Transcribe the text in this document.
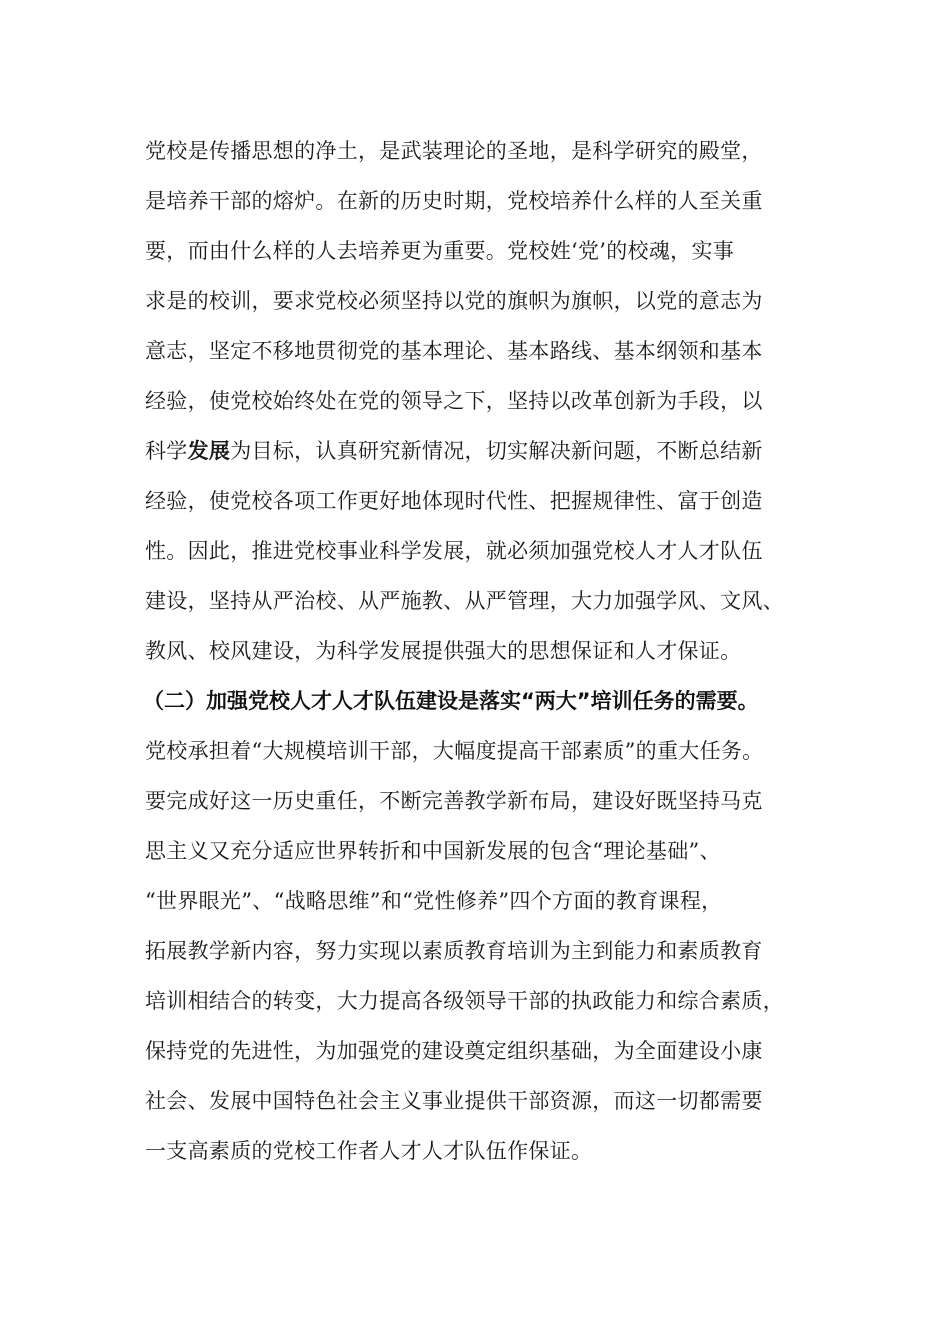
党校是传播思想的净土，是武装理论的圣地，是科学研究的殿堂，
是培养干部的熔炉。在新的历史时期，党校培养什么样的人至关重
要，而由什么样的人去培养更为重要。党校姓‘党’的校魂，实事
求是的校训，要求党校必须坚持以党的旗帜为旗帜，以党的意志为
意志，坚定不移地贯彻党的基本理论、基本路线、基本纲领和基本
经验，使党校始终处在党的领导之下，坚持以改革创新为手段，以
科学发展为目标，认真研究新情况，切实解决新问题，不断总结新
经验，使党校各项工作更好地体现时代性、把握规律性、富于创造
性。因此，推进党校事业科学发展，就必须加强党校人才人才队伍
建设，坚持从严治校、从严施教、从严管理，大力加强学风、文风、
教风、校风建设，为科学发展提供强大的思想保证和人才保证。
（二）加强党校人才人才队伍建设是落实“两大”培训任务的需要。
党校承担着“大规模培训干部，大幅度提高干部素质”的重大任务。
要完成好这一历史重任，不断完善教学新布局，建设好既坚持马克
思主义又充分适应世界转折和中国新发展的包含“理论基础”、
“世界眼光”、“战略思维”和“党性修养”四个方面的教育课程，
拓展教学新内容，努力实现以素质教育培训为主到能力和素质教育
培训相结合的转变，大力提高各级领导干部的执政能力和综合素质，
保持党的先进性，为加强党的建设奠定组织基础，为全面建设小康
社会、发展中国特色社会主义事业提供干部资源，而这一切都需要
一支高素质的党校工作者人才人才队伍作保证。
